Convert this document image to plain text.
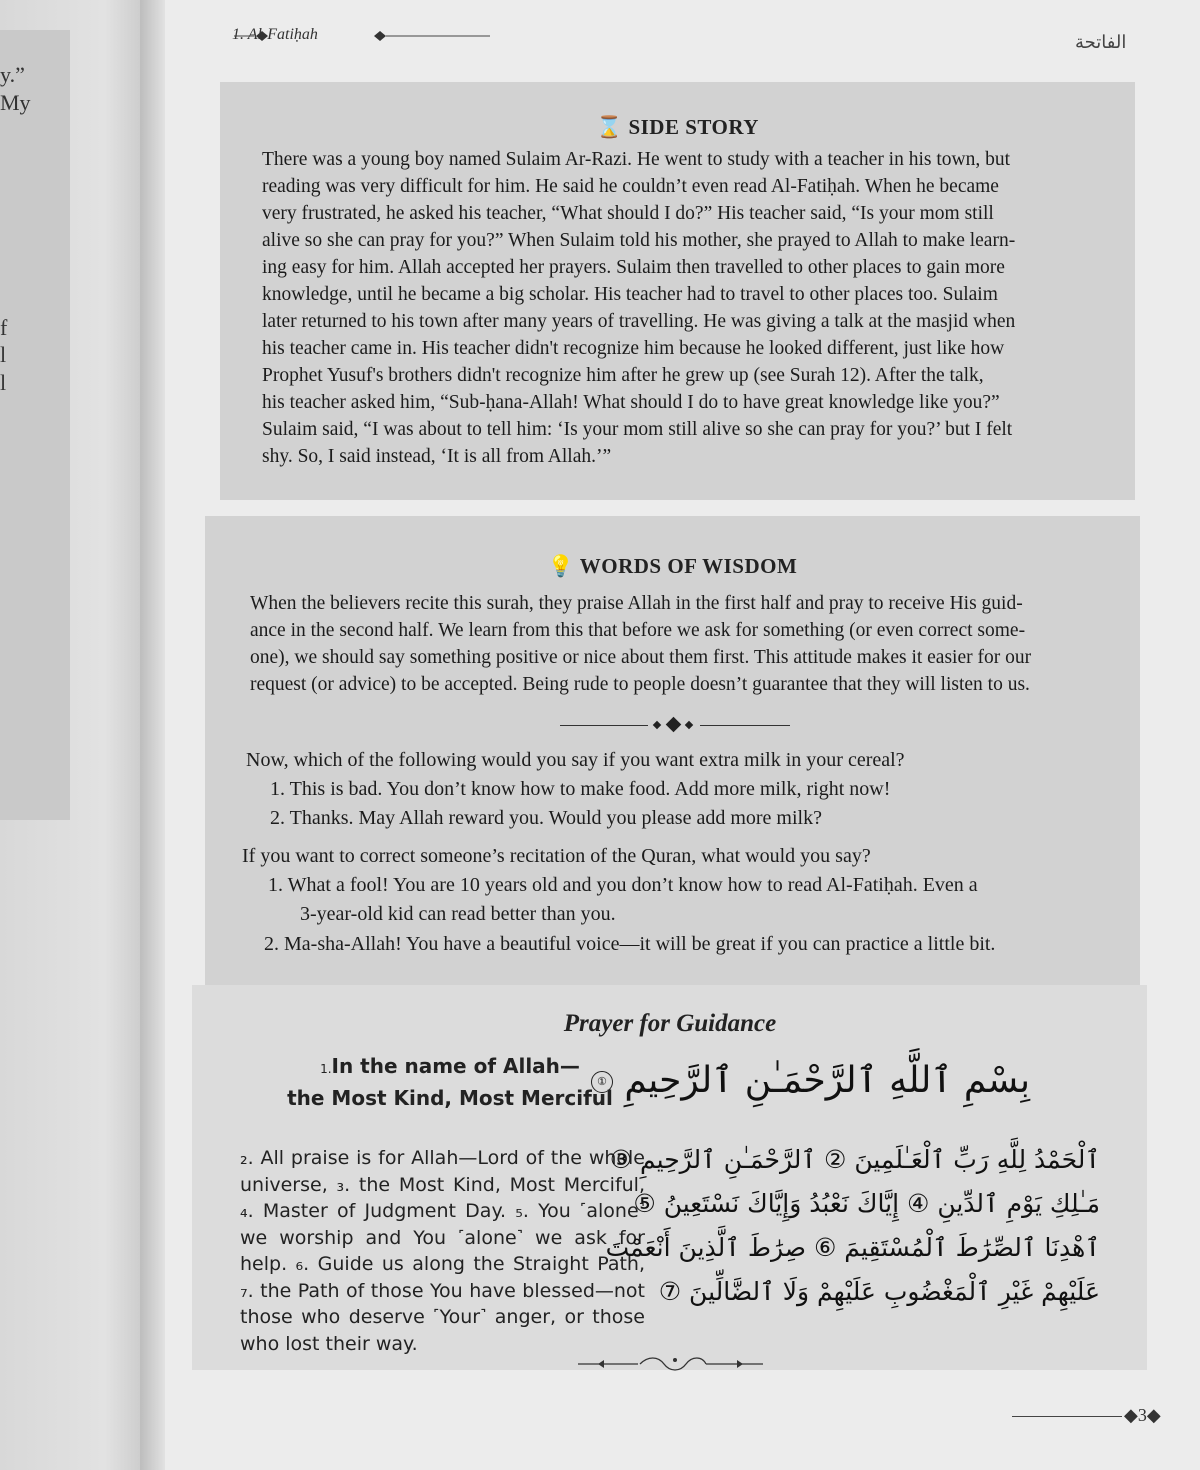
y.”
My
f
l
l
1. Al-Fatiḥah	الفاتحة
⌛ SIDE STORY
There was a young boy named Sulaim Ar-Razi. He went to study with a teacher in his town, but
reading was very difficult for him. He said he couldn’t even read Al-Fatiḥah. When he became
very frustrated, he asked his teacher, “What should I do?” His teacher said, “Is your mom still
alive so she can pray for you?” When Sulaim told his mother, she prayed to Allah to make learn-
ing easy for him. Allah accepted her prayers. Sulaim then travelled to other places to gain more
knowledge, until he became a big scholar. His teacher had to travel to other places too. Sulaim
later returned to his town after many years of travelling. He was giving a talk at the masjid when
his teacher came in. His teacher didn't recognize him because he looked different, just like how
Prophet Yusuf's brothers didn't recognize him after he grew up (see Surah 12). After the talk,
his teacher asked him, “Sub-ḥana-Allah! What should I do to have great knowledge like you?”
Sulaim said, “I was about to tell him: ‘Is your mom still alive so she can pray for you?’ but I felt
shy. So, I said instead, ‘It is all from Allah.’”
💡 WORDS OF WISDOM
When the believers recite this surah, they praise Allah in the first half and pray to receive His guid-
ance in the second half. We learn from this that before we ask for something (or even correct some-
one), we should say something positive or nice about them first. This attitude makes it easier for our
request (or advice) to be accepted. Being rude to people doesn’t guarantee that they will listen to us.
Now, which of the following would you say if you want extra milk in your cereal?
1. This is bad. You don’t know how to make food. Add more milk, right now!
2. Thanks. May Allah reward you. Would you please add more milk?
If you want to correct someone’s recitation of the Quran, what would you say?
1. What a fool! You are 10 years old and you don’t know how to read Al-Fatiḥah. Even a
3-year-old kid can read better than you.
2. Ma-sha-Allah! You have a beautiful voice—it will be great if you can practice a little bit.
Prayer for Guidance
1.In the name of Allah—
the Most Kind, Most Merciful بِسْمِ ٱللَّهِ ٱلرَّحْمَـٰنِ ٱلرَّحِيمِ ①
₂. All praise is for Allah—Lord of the whole universe, ₃. the Most Kind, Most Merciful, ₄. Master of Judgment Day. ₅. You ˹alone˺ we worship and You ˹alone˺ we ask for help. ₆. Guide us along the Straight Path, ₇. the Path of those You have blessed—not those who deserve ˹Your˺ anger, or those who lost their way.
ٱلْحَمْدُ لِلَّهِ رَبِّ ٱلْعَـٰلَمِينَ ② ٱلرَّحْمَـٰنِ ٱلرَّحِيمِ ③
مَـٰلِكِ يَوْمِ ٱلدِّينِ ④ إِيَّاكَ نَعْبُدُ وَإِيَّاكَ نَسْتَعِينُ ⑤
ٱهْدِنَا ٱلصِّرَٰطَ ٱلْمُسْتَقِيمَ ⑥ صِرَٰطَ ٱلَّذِينَ أَنْعَمْتَ
عَلَيْهِمْ غَيْرِ ٱلْمَغْضُوبِ عَلَيْهِمْ وَلَا ٱلضَّالِّينَ ⑦
◆3◆
